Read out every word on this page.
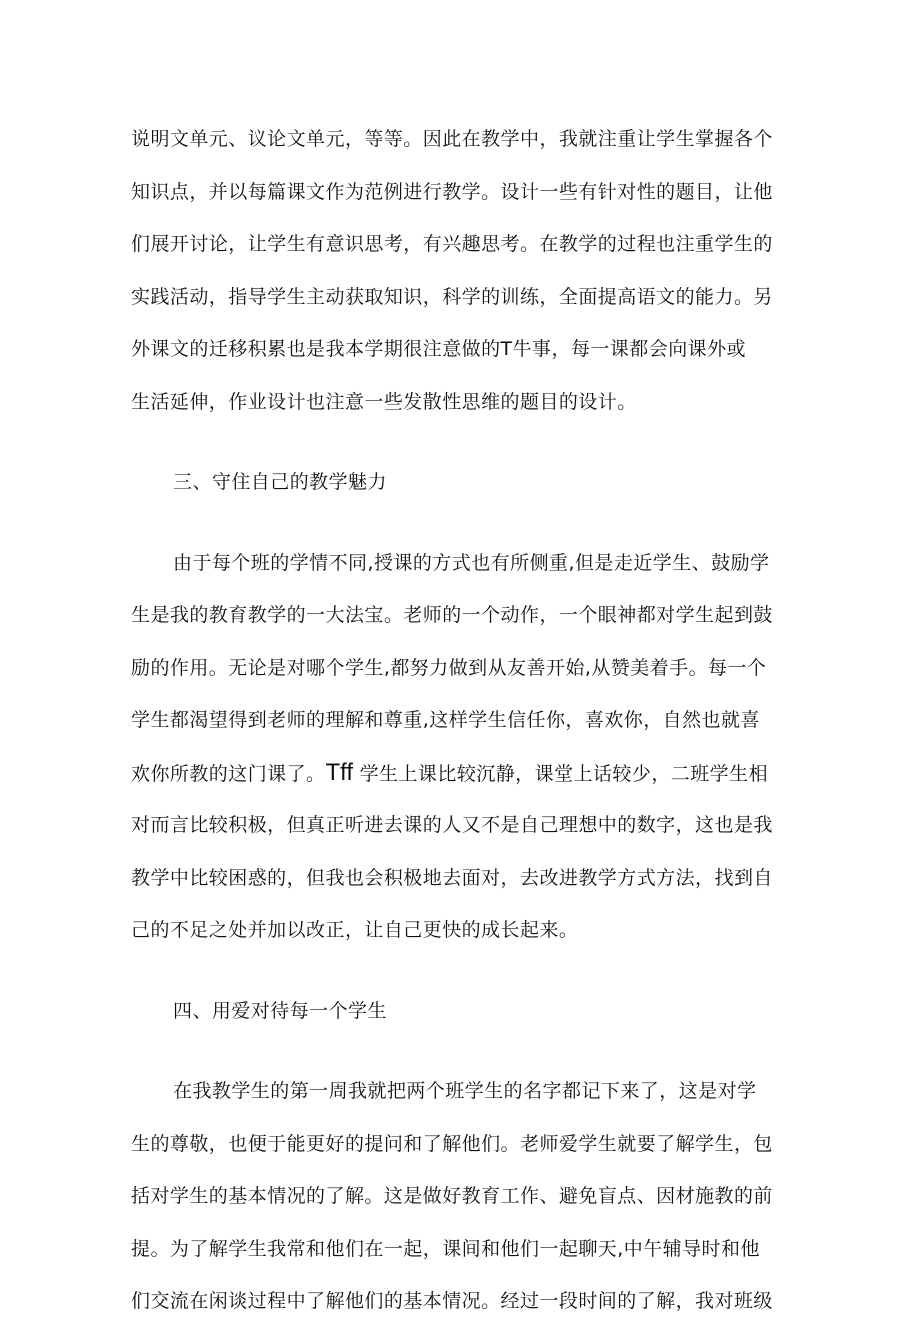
说明文单元、议论文单元，等等。因此在教学中，我就注重让学生掌握各个
知识点，并以每篇课文作为范例进行教学。设计一些有针对性的题目，让他
们展开讨论，让学生有意识思考，有兴趣思考。在教学的过程也注重学生的
实践活动，指导学生主动获取知识，科学的训练，全面提高语文的能力。另
外课文的迁移积累也是我本学期很注意做的T牛事，每一课都会向课外或
生活延伸，作业设计也注意一些发散性思维的题目的设计。
三、守住自己的教学魅力
由于每个班的学情不同,授课的方式也有所侧重,但是走近学生、鼓励学
生是我的教育教学的一大法宝。老师的一个动作，一个眼神都对学生起到鼓
励的作用。无论是对哪个学生,都努力做到从友善开始,从赞美着手。每一个
学生都渴望得到老师的理解和尊重,这样学生信任你，喜欢你，自然也就喜
欢你所教的这门课了。Tff 学生上课比较沉静，课堂上话较少，二班学生相
对而言比较积极，但真正听进去课的人又不是自己理想中的数字，这也是我
教学中比较困惑的，但我也会积极地去面对，去改进教学方式方法，找到自
己的不足之处并加以改正，让自己更快的成长起来。
四、用爱对待每一个学生
在我教学生的第一周我就把两个班学生的名字都记下来了，这是对学
生的尊敬，也便于能更好的提问和了解他们。老师爱学生就要了解学生，包
括对学生的基本情况的了解。这是做好教育工作、避免盲点、因材施教的前
提。为了解学生我常和他们在一起，课间和他们一起聊天,中午辅导时和他
们交流在闲谈过程中了解他们的基本情况。经过一段时间的了解，我对班级
